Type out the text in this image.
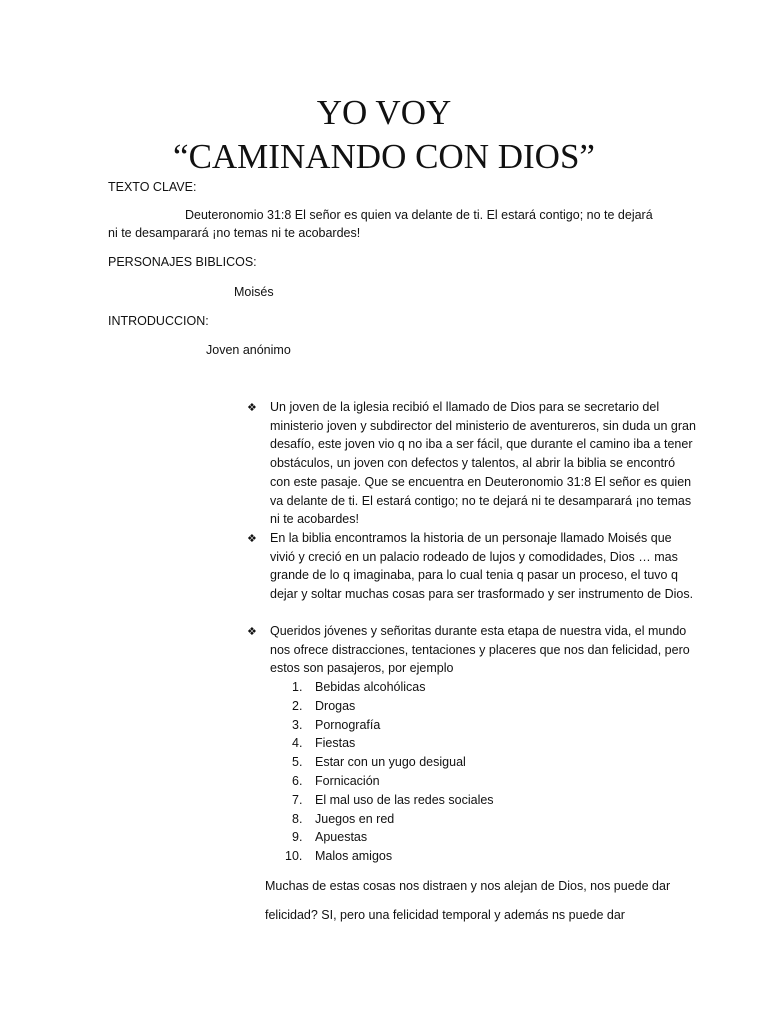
YO VOY
“CAMINANDO CON DIOS”
TEXTO CLAVE:
Deuteronomio 31:8 El señor es quien va delante de ti. El estará contigo; no te dejará
ni te desamparará ¡no temas ni te acobardes!
PERSONAJES BIBLICOS:
Moisés
INTRODUCCION:
Joven anónimo
❖	Un joven de la iglesia recibió el llamado de Dios para se secretario del ministerio joven y subdirector del ministerio de aventureros, sin duda un gran desafío, este joven vio q no iba a ser fácil, que durante el camino iba a tener obstáculos, un joven con defectos y talentos, al abrir la biblia se encontró con este pasaje. Que se encuentra en Deuteronomio 31:8 El señor es quien va delante de ti. El estará contigo; no te dejará ni te desamparará ¡no temas ni te acobardes!
❖	En la biblia encontramos la historia de un personaje llamado Moisés que vivió y creció en un palacio rodeado de lujos y comodidades, Dios … mas grande de lo q imaginaba, para lo cual tenia q pasar un proceso, el tuvo q dejar y soltar muchas cosas para ser trasformado y ser instrumento de Dios.
❖	Queridos jóvenes y señoritas durante esta etapa de nuestra vida, el mundo nos ofrece distracciones, tentaciones y placeres que nos dan felicidad, pero estos son pasajeros, por ejemplo
1. Bebidas alcohólicas
2. Drogas
3. Pornografía
4. Fiestas
5. Estar con un yugo desigual
6. Fornicación
7. El mal uso de las redes sociales
8. Juegos en red
9. Apuestas
10. Malos amigos
Muchas de estas cosas nos distraen y nos alejan de Dios, nos puede dar felicidad? SI, pero una felicidad temporal y además ns puede dar
